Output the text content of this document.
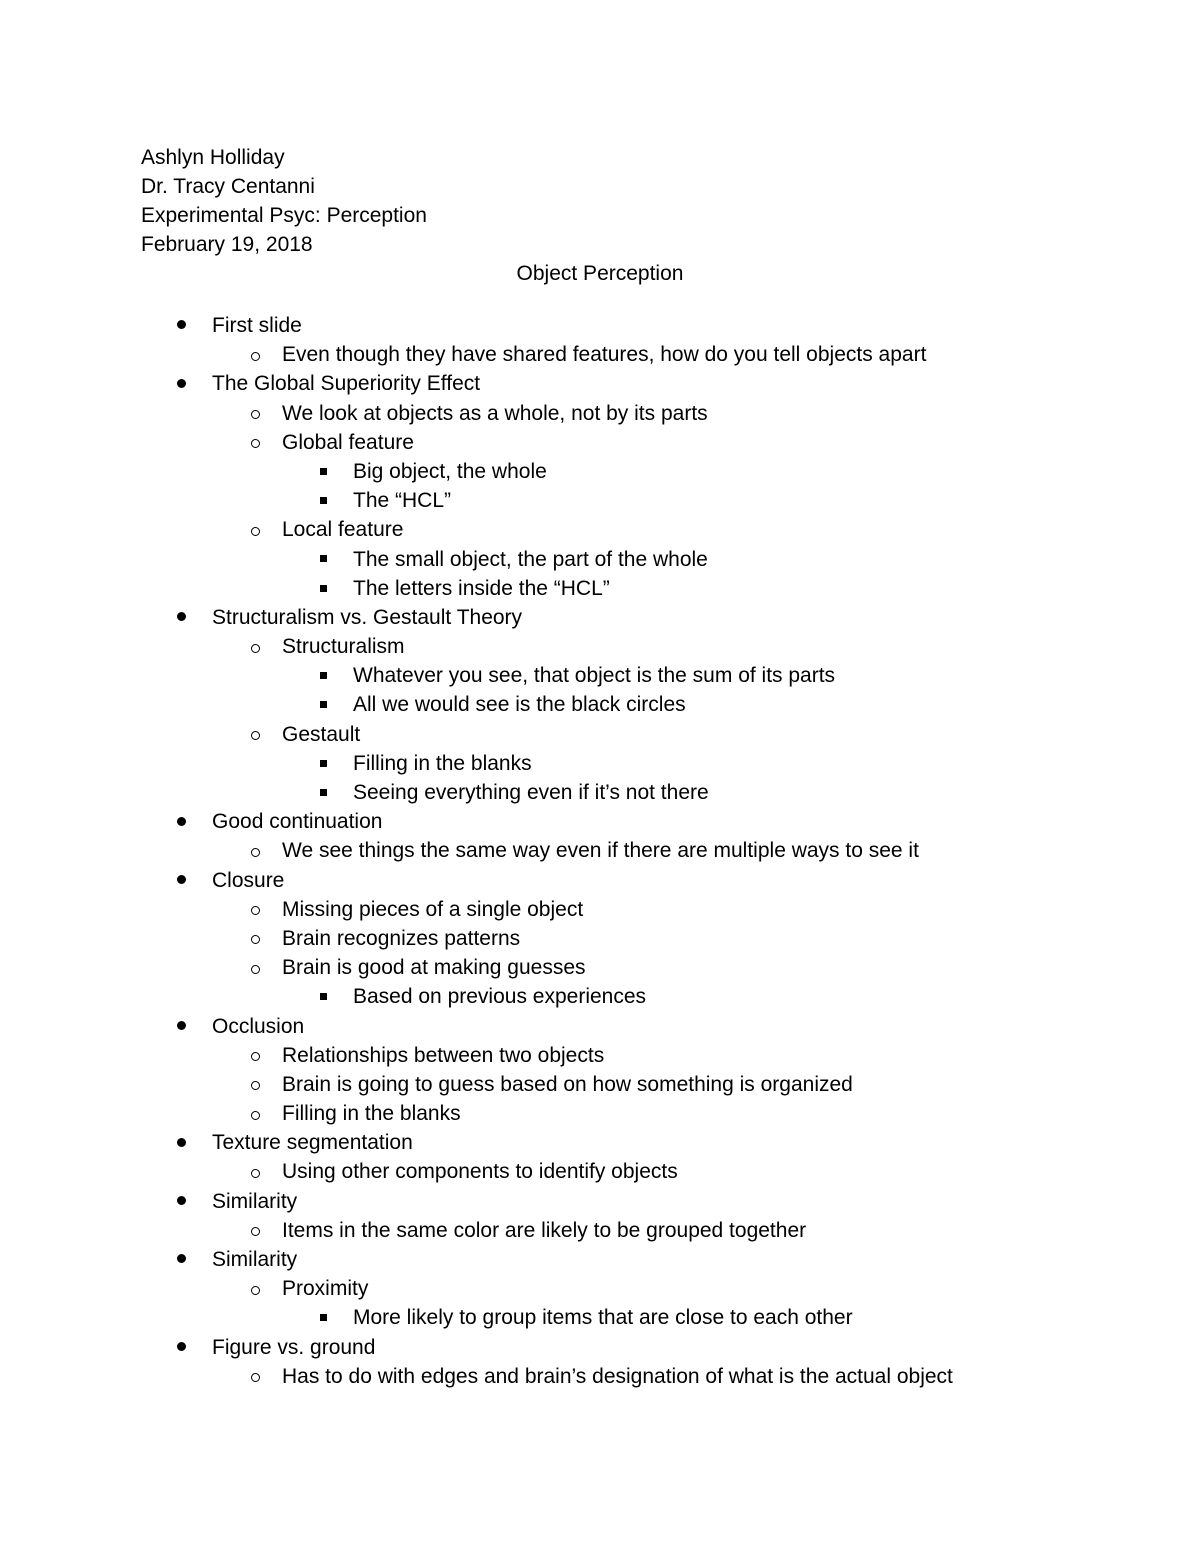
Ashlyn Holliday
Dr. Tracy Centanni
Experimental Psyc: Perception
February 19, 2018
Object Perception
First slide
Even though they have shared features, how do you tell objects apart
The Global Superiority Effect
We look at objects as a whole, not by its parts
Global feature
Big object, the whole
The “HCL”
Local feature
The small object, the part of the whole
The letters inside the “HCL”
Structuralism vs. Gestault Theory
Structuralism
Whatever you see, that object is the sum of its parts
All we would see is the black circles
Gestault
Filling in the blanks
Seeing everything even if it’s not there
Good continuation
We see things the same way even if there are multiple ways to see it
Closure
Missing pieces of a single object
Brain recognizes patterns
Brain is good at making guesses
Based on previous experiences
Occlusion
Relationships between two objects
Brain is going to guess based on how something is organized
Filling in the blanks
Texture segmentation
Using other components to identify objects
Similarity
Items in the same color are likely to be grouped together
Similarity
Proximity
More likely to group items that are close to each other
Figure vs. ground
Has to do with edges and brain’s designation of what is the actual object
